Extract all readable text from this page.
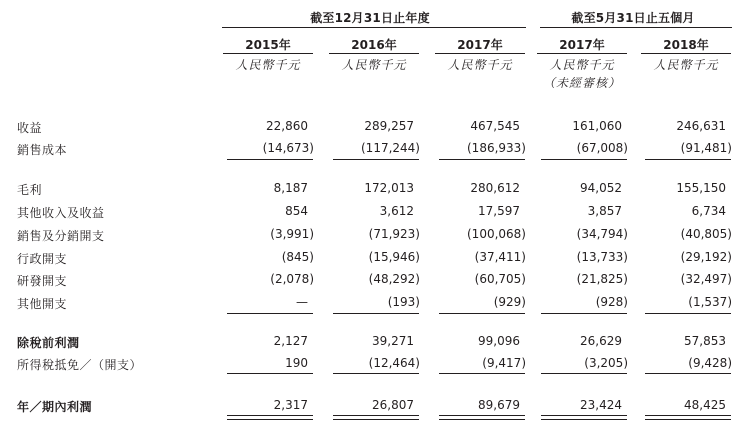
截至12月31日止年度	截至5月31日止五個月
2015年	2016年	2017年	2017年	2018年
人民幣千元	人民幣千元	人民幣千元	人民幣千元	人民幣千元
（未經審核）
收益	22,860	289,257	467,545	161,060	246,631
銷售成本	(14,673)	(117,244)	(186,933)	(67,008)	(91,481)
毛利	8,187	172,013	280,612	94,052	155,150
其他收入及收益	854	3,612	17,597	3,857	6,734
銷售及分銷開支	(3,991)	(71,923)	(100,068)	(34,794)	(40,805)
行政開支	(845)	(15,946)	(37,411)	(13,733)	(29,192)
研發開支	(2,078)	(48,292)	(60,705)	(21,825)	(32,497)
其他開支	—	(193)	(929)	(928)	(1,537)
除稅前利潤	2,127	39,271	99,096	26,629	57,853
所得稅抵免／（開支）	190	(12,464)	(9,417)	(3,205)	(9,428)
年／期內利潤	2,317	26,807	89,679	23,424	48,425
